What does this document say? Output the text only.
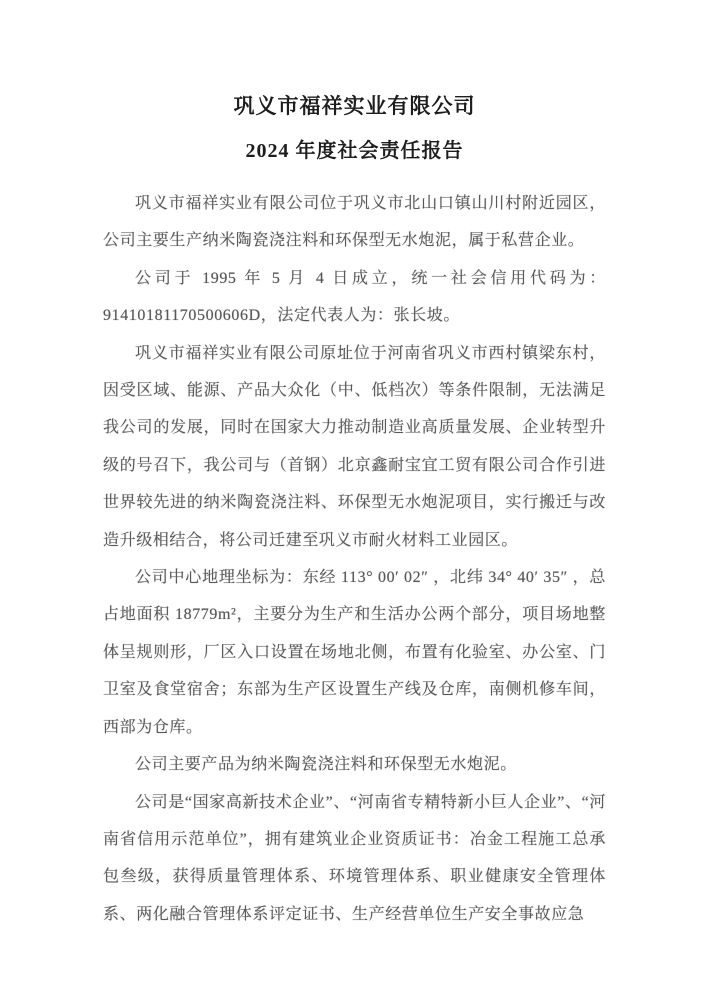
巩义市福祥实业有限公司
2024 年度社会责任报告

巩义市福祥实业有限公司位于巩义市北山口镇山川村附近园区，公司主要生产纳米陶瓷浇注料和环保型无水炮泥，属于私营企业。

公司于 1995 年 5 月 4 日成立，统一社会信用代码为：91410181170500606D，法定代表人为：张长坡。

巩义市福祥实业有限公司原址位于河南省巩义市西村镇梁东村，因受区域、能源、产品大众化（中、低档次）等条件限制，无法满足我公司的发展，同时在国家大力推动制造业高质量发展、企业转型升级的号召下，我公司与（首钢）北京鑫耐宝宜工贸有限公司合作引进世界较先进的纳米陶瓷浇注料、环保型无水炮泥项目，实行搬迁与改造升级相结合，将公司迁建至巩义市耐火材料工业园区。

公司中心地理坐标为：东经 113° 00′ 02″ ，北纬 34° 40′ 35″ ，总占地面积 18779m²，主要分为生产和生活办公两个部分，项目场地整体呈规则形，厂区入口设置在场地北侧，布置有化验室、办公室、门卫室及食堂宿舍；东部为生产区设置生产线及仓库，南侧机修车间，西部为仓库。

公司主要产品为纳米陶瓷浇注料和环保型无水炮泥。

公司是“国家高新技术企业”、“河南省专精特新小巨人企业”、“河南省信用示范单位”，拥有建筑业企业资质证书：冶金工程施工总承包叁级，获得质量管理体系、环境管理体系、职业健康安全管理体系、两化融合管理体系评定证书、生产经营单位生产安全事故应急
